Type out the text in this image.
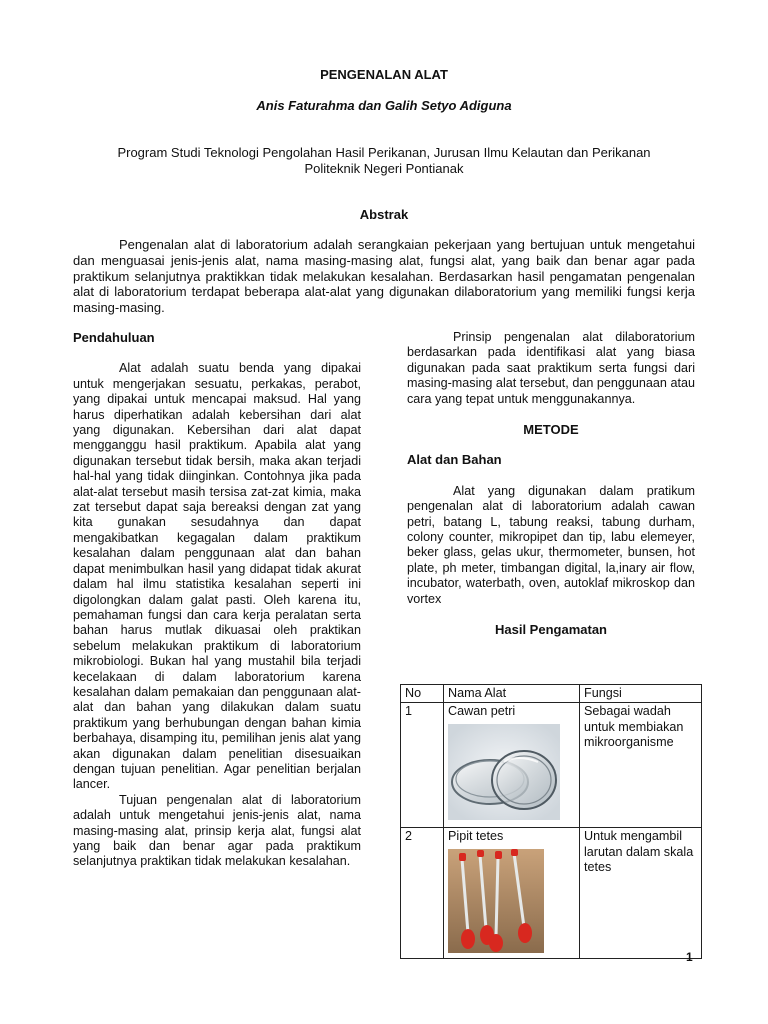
PENGENALAN ALAT
Anis Faturahma dan Galih Setyo Adiguna
Program Studi Teknologi Pengolahan Hasil Perikanan, Jurusan Ilmu Kelautan dan Perikanan
Politeknik Negeri Pontianak
Abstrak

Pengenalan alat di laboratorium adalah serangkaian pekerjaan yang bertujuan untuk mengetahui dan menguasai jenis-jenis alat, nama masing-masing alat, fungsi alat, yang baik dan benar agar pada praktikum selanjutnya praktikkan tidak melakukan kesalahan. Berdasarkan hasil pengamatan pengenalan alat di laboratorium terdapat beberapa alat-alat yang digunakan dilaboratorium yang memiliki fungsi kerja masing-masing.

Pendahuluan

Alat adalah suatu benda yang dipakai untuk mengerjakan sesuatu, perkakas, perabot, yang dipakai untuk mencapai maksud. Hal yang harus diperhatikan adalah kebersihan dari alat yang digunakan. Kebersihan dari alat dapat mengganggu hasil praktikum. Apabila alat yang digunakan tersebut tidak bersih, maka akan terjadi hal-hal yang tidak diinginkan. Contohnya jika pada alat-alat tersebut masih tersisa zat-zat kimia, maka zat tersebut dapat saja bereaksi dengan zat yang kita gunakan sesudahnya dan dapat mengakibatkan kegagalan dalam praktikum kesalahan dalam penggunaan alat dan bahan dapat menimbulkan hasil yang didapat tidak akurat dalam hal ilmu statistika kesalahan seperti ini digolongkan dalam galat pasti. Oleh karena itu, pemahaman fungsi dan cara kerja peralatan serta bahan harus mutlak dikuasai oleh praktikan sebelum melakukan praktikum di laboratorium mikrobiologi. Bukan hal yang mustahil bila terjadi kecelakaan di dalam laboratorium karena kesalahan dalam pemakaian dan penggunaan alat-alat dan bahan yang dilakukan dalam suatu praktikum yang berhubungan dengan bahan kimia berbahaya, disamping itu, pemilihan jenis alat yang akan digunakan dalam penelitian disesuaikan dengan tujuan penelitian. Agar penelitian berjalan lancer.

Tujuan pengenalan alat di laboratorium adalah untuk mengetahui jenis-jenis alat, nama masing-masing alat, prinsip kerja alat, fungsi alat yang baik dan benar agar pada praktikum selanjutnya praktikan tidak melakukan kesalahan.

Prinsip pengenalan alat dilaboratorium berdasarkan pada identifikasi alat yang biasa digunakan pada saat praktikum serta fungsi dari masing-masing alat tersebut, dan penggunaan atau cara yang tepat untuk menggunakannya.

METODE

Alat dan Bahan

Alat yang digunakan dalam pratikum pengenalan alat di laboratorium adalah cawan petri, batang L, tabung reaksi, tabung durham, colony counter, mikropipet dan tip, labu elemeyer, beker glass, gelas ukur, thermometer, bunsen, hot plate, ph meter, timbangan digital, la,inary air flow, incubator, waterbath, oven, autoklaf mikroskop dan vortex

Hasil Pengamatan

No	Nama Alat	Fungsi
1	Cawan petri	Sebagai wadah untuk membiakan mikroorganisme
2	Pipit tetes	Untuk mengambil larutan dalam skala tetes
1
